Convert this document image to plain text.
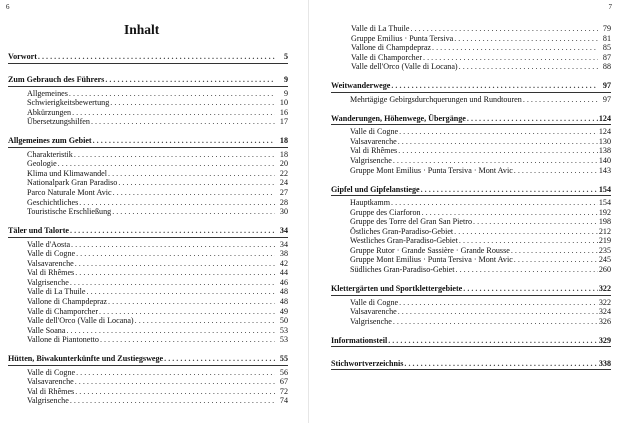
6
Inhalt
Vorwort . . .	5
Zum Gebrauch des Führers . . .	9
Allgemeines . . .	9
Schwierigkeitsbewertung . . .	10
Abkürzungen . . .	16
Übersetzungshilfen . . .	17
Allgemeines zum Gebiet . . .	18
Charakteristik . . .	18
Geologie . . .	20
Klima und Klimawandel . . .	22
Nationalpark Gran Paradiso . . .	24
Parco Naturale Mont Avic . . .	27
Geschichtliches . . .	28
Touristische Erschließung . . .	30
Täler und Talorte . . .	34
Valle d'Aosta . . .	34
Valle di Cogne . . .	38
Valsavarenche . . .	42
Val di Rhêmes . . .	44
Valgrisenche . . .	46
Valle di La Thuile . . .	48
Vallone di Champdepraz . . .	48
Valle di Champorcher . . .	49
Valle dell'Orco (Valle di Locana) . . .	50
Valle Soana . . .	53
Vallone di Piantonetto . . .	53
Hütten, Biwakunterkünfte und Zustiegswege . . .	55
Valle di Cogne . . .	56
Valsavarenche . . .	67
Val di Rhêmes . . .	72
Valgrisenche . . .	74
7
Valle di La Thuile . . .	79
Gruppe Emilius · Punta Tersiva . . .	81
Vallone di Champdepraz . . .	85
Valle di Champorcher . . .	87
Valle dell'Orco (Valle di Locana) . . .	88
Weitwanderwege . . .	97
Mehrtägige Gebirgsdurchquerungen und Rundtouren . . .	97
Wanderungen, Höhenwege, Übergänge . . .	124
Valle di Cogne . . .	124
Valsavarenche . . .	130
Val di Rhêmes . . .	138
Valgrisenche . . .	140
Gruppe Mont Emilius · Punta Tersiva · Mont Avic . . .	143
Gipfel und Gipfelanstiege . . .	154
Hauptkamm . . .	154
Gruppe des Ciarforon . . .	192
Gruppe des Torre del Gran San Pietro . . .	198
Östliches Gran-Paradiso-Gebiet . . .	212
Westliches Gran-Paradiso-Gebiet . . .	219
Gruppe Rutor · Grande Sassière · Grande Rousse . . .	235
Gruppe Mont Emilius · Punta Tersiva · Mont Avic . . .	245
Südliches Gran-Paradiso-Gebiet . . .	260
Klettergärten und Sportklettergebiete . . .	322
Valle di Cogne . . .	322
Valsavarenche . . .	324
Valgrisenche . . .	326
Informationsteil . . .	329
Stichwortverzeichnis . . .	338
